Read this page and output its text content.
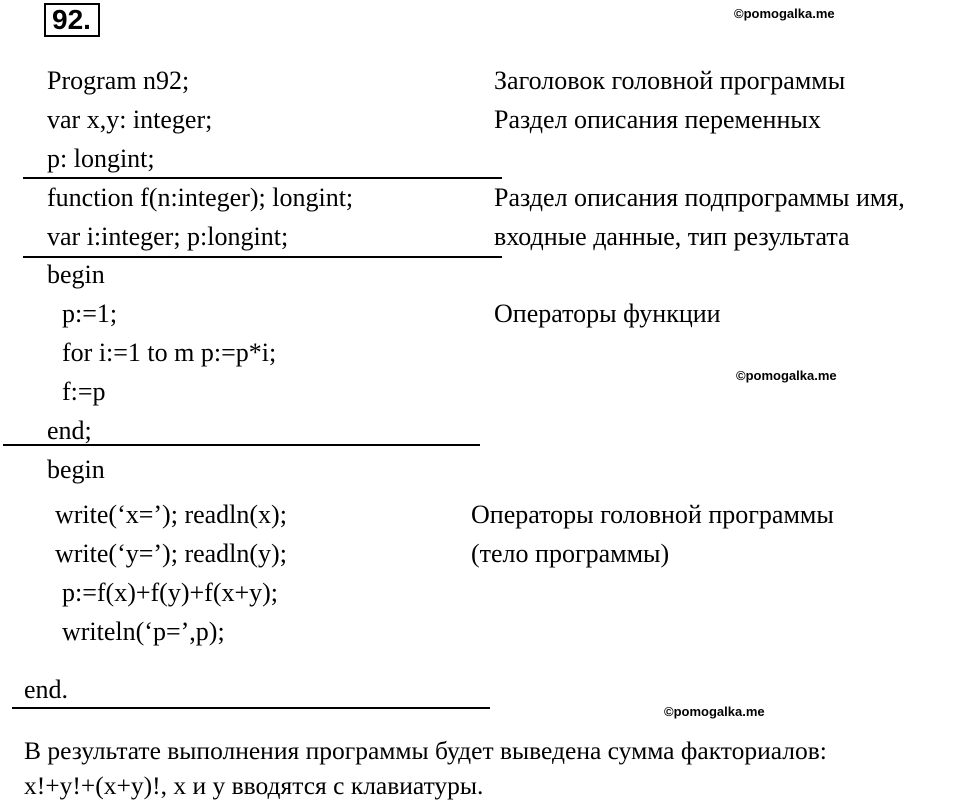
92.	©pomogalka.me
Program n92;
var x,y: integer;
p: longint;
function f(n:integer); longint;
var i:integer; p:longint;
begin
p:=1;
for i:=1 to m p:=p*i;
f:=p
end;
begin
write(‘x=’); readln(x);
write(‘y=’); readln(y);
p:=f(x)+f(y)+f(x+y);
writeln(‘p=’,p);
end.
Заголовок головной программы
Раздел описания переменных
Раздел описания подпрограммы имя,
входные данные, тип результата
Операторы функции
©pomogalka.me
Операторы головной программы
(тело программы)
©pomogalka.me
В результате выполнения программы будет выведена сумма факториалов:
x!+y!+(x+y)!, x и y вводятся с клавиатуры.
